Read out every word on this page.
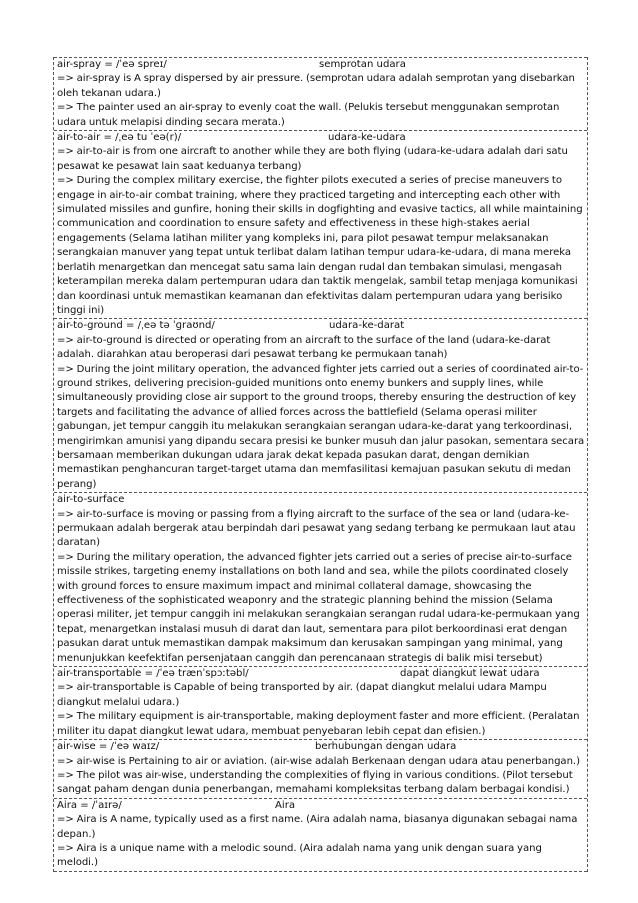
air-spray = /ˈeə spreɪ/	semprotan udara

=> air-spray is A spray dispersed by air pressure. (semprotan udara adalah semprotan yang disebarkan oleh tekanan udara.)

=> The painter used an air-spray to evenly coat the wall. (Pelukis tersebut menggunakan semprotan udara untuk melapisi dinding secara merata.)

air-to-air = /ˌeə tu ˈeə(r)/	udara-ke-udara

=> air-to-air is from one aircraft to another while they are both flying (udara-ke-udara adalah dari satu pesawat ke pesawat lain saat keduanya terbang)

=> During the complex military exercise, the fighter pilots executed a series of precise maneuvers to engage in air-to-air combat training, where they practiced targeting and intercepting each other with simulated missiles and gunfire, honing their skills in dogfighting and evasive tactics, all while maintaining communication and coordination to ensure safety and effectiveness in these high-stakes aerial engagements (Selama latihan militer yang kompleks ini, para pilot pesawat tempur melaksanakan serangkaian manuver yang tepat untuk terlibat dalam latihan tempur udara-ke-udara, di mana mereka berlatih menargetkan dan mencegat satu sama lain dengan rudal dan tembakan simulasi, mengasah keterampilan mereka dalam pertempuran udara dan taktik mengelak, sambil tetap menjaga komunikasi dan koordinasi untuk memastikan keamanan dan efektivitas dalam pertempuran udara yang berisiko tinggi ini)

air-to-ground = /ˌeə tə ˈɡraʊnd/	udara-ke-darat

=> air-to-ground is directed or operating from an aircraft to the surface of the land (udara-ke-darat adalah. diarahkan atau beroperasi dari pesawat terbang ke permukaan tanah)

=> During the joint military operation, the advanced fighter jets carried out a series of coordinated air-to-ground strikes, delivering precision-guided munitions onto enemy bunkers and supply lines, while simultaneously providing close air support to the ground troops, thereby ensuring the destruction of key targets and facilitating the advance of allied forces across the battlefield (Selama operasi militer gabungan, jet tempur canggih itu melakukan serangkaian serangan udara-ke-darat yang terkoordinasi, mengirimkan amunisi yang dipandu secara presisi ke bunker musuh dan jalur pasokan, sementara secara bersamaan memberikan dukungan udara jarak dekat kepada pasukan darat, dengan demikian memastikan penghancuran target-target utama dan memfasilitasi kemajuan pasukan sekutu di medan perang)

air-to-surface

=> air-to-surface is moving or passing from a flying aircraft to the surface of the sea or land (udara-ke-permukaan adalah bergerak atau berpindah dari pesawat yang sedang terbang ke permukaan laut atau daratan)

=> During the military operation, the advanced fighter jets carried out a series of precise air-to-surface missile strikes, targeting enemy installations on both land and sea, while the pilots coordinated closely with ground forces to ensure maximum impact and minimal collateral damage, showcasing the effectiveness of the sophisticated weaponry and the strategic planning behind the mission (Selama operasi militer, jet tempur canggih ini melakukan serangkaian serangan rudal udara-ke-permukaan yang tepat, menargetkan instalasi musuh di darat dan laut, sementara para pilot berkoordinasi erat dengan pasukan darat untuk memastikan dampak maksimum dan kerusakan sampingan yang minimal, yang menunjukkan keefektifan persenjataan canggih dan perencanaan strategis di balik misi tersebut)

air-transportable = /ˈeə trænˈspɔːtəbl/	dapat diangkut lewat udara

=> air-transportable is Capable of being transported by air. (dapat diangkut melalui udara Mampu diangkut melalui udara.)

=> The military equipment is air-transportable, making deployment faster and more efficient. (Peralatan militer itu dapat diangkut lewat udara, membuat penyebaran lebih cepat dan efisien.)

air-wise = /ˈeə waɪz/	berhubungan dengan udara

=> air-wise is Pertaining to air or aviation. (air-wise adalah Berkenaan dengan udara atau penerbangan.)

=> The pilot was air-wise, understanding the complexities of flying in various conditions. (Pilot tersebut sangat paham dengan dunia penerbangan, memahami kompleksitas terbang dalam berbagai kondisi.)

Aira = /ˈaɪrə/	Aira

=> Aira is A name, typically used as a first name. (Aira adalah nama, biasanya digunakan sebagai nama depan.)

=> Aira is a unique name with a melodic sound. (Aira adalah nama yang unik dengan suara yang melodi.)
